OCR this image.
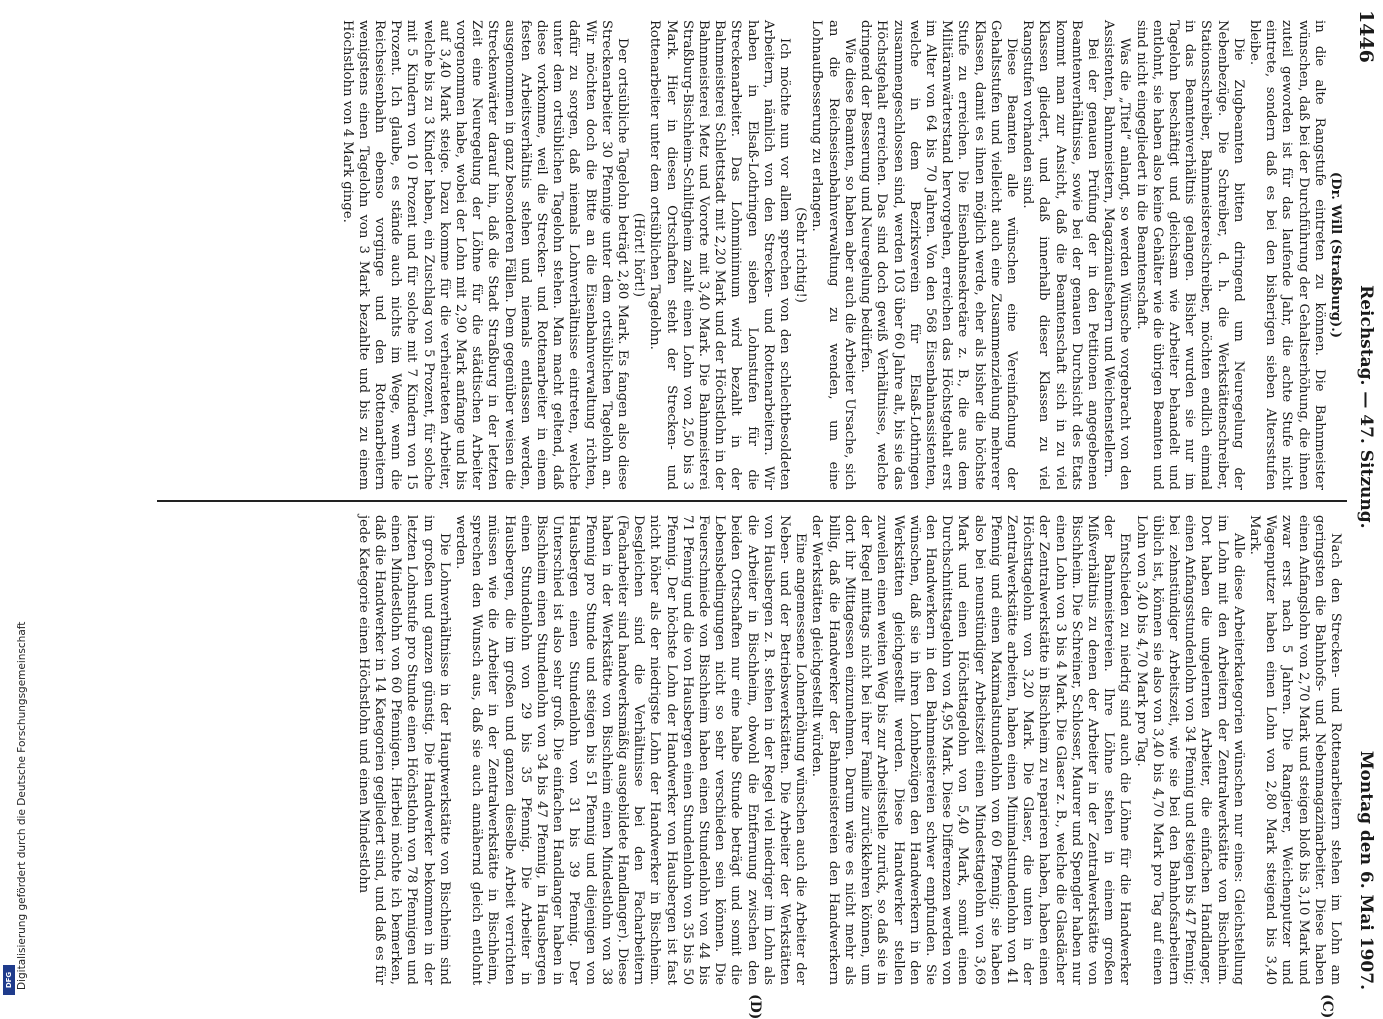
1446
Reichstag. — 47. Sitzung.
Montag den 6. Mai 1907.
(C)
(D)

(Dr. Will (Straßburg).)

in die alte Rangstufe eintreten zu können. Die Bahnmeister wünschen, daß bei der Durchführung der Gehaltserhöhung, die ihnen zuteil geworden ist für das laufende Jahr, die achte Stufe nicht eintrete, sondern daß es bei den bisherigen sieben Altersstufen bleibe.

Die Zugbeamten bitten dringend um Neuregelung der Nebenbezüge. Die Schreiber, d. h. die Werkstättenschreiber, Stationsschreiber, Bahnmeistereischreiber, möchten endlich einmal in das Beamtenverhältnis gelangen. Bisher wurden sie nur im Tagelohn beschäftigt und gleichsam wie Arbeiter behandelt und entlohnt, sie haben also keine Gehälter wie die übrigen Beamten und sind nicht eingegliedert in die Beamtenschaft.

Was die „Titel“ anlangt, so werden Wünsche vorgebracht von den Assistenten, Bahnmeistern, Magazinaufsehern und Weichenstellern.

Bei der genauen Prüfung der in den Petitionen angegebenen Beamtenverhältnisse, sowie bei der genauen Durchsicht des Etats kommt man zur Ansicht, daß die Beamtenschaft sich in zu viel Klassen gliedert, und daß innerhalb dieser Klassen zu viel Rangstufen vorhanden sind.

Diese Beamten alle wünschen eine Vereinfachung der Gehaltsstufen und vielleicht auch eine Zusammenziehung mehrerer Klassen, damit es ihnen möglich werde, eher als bisher die höchste Stufe zu erreichen. Die Eisenbahnsekretäre z. B., die aus dem Militäranwärterstand hervorgehen, erreichen das Höchstgehalt erst im Alter von 64 bis 70 Jahren. Von den 568 Eisenbahnassistenten, welche in dem Bezirksverein für Elsaß-Lothringen zusammengeschlossen sind, werden 103 über 60 Jahre alt, bis sie das Höchstgehalt erreichen. Das sind doch gewiß Verhältnisse, welche dringend der Besserung und Neuregelung bedürfen.

Wie diese Beamten, so haben aber auch die Arbeiter Ursache, sich an die Reichseisenbahnverwaltung zu wenden, um eine Lohnaufbesserung zu erlangen.

(Sehr richtig!)

Ich möchte nun vor allem sprechen von den schlechtbesoldeten Arbeitern, nämlich von den Strecken- und Rottenarbeitern. Wir haben in Elsaß-Lothringen sieben Lohnstufen für die Streckenarbeiter. Das Lohnminimum wird bezahlt in der Bahnmeisterei Schlettstadt mit 2,20 Mark und der Höchstlohn in der Bahnmeisterei Metz und Vororte mit 3,40 Mark. Die Bahnmeisterei Straßburg-Bischheim-Schiltigheim zahlt einen Lohn von 2,50 bis 3 Mark. Hier in diesen Ortschaften steht der Strecken- und Rottenarbeiter unter dem ortsüblichen Tagelohn.

(Hört! hört!)

Der ortsübliche Tagelohn beträgt 2,80 Mark. Es fangen also diese Streckenarbeiter 30 Pfennige unter dem ortsüblichen Tagelohn an. Wir möchten doch die Bitte an die Eisenbahnverwaltung richten, dafür zu sorgen, daß niemals Lohnverhältnisse eintreten, welche unter dem ortsüblichen Tagelohn stehen. Man macht geltend, daß diese vorkomme, weil die Strecken- und Rottenarbeiter in einem festen Arbeitsverhältnis stehen und niemals entlassen werden, ausgenommen in ganz besonderen Fällen. Dem gegenüber weisen die Streckenwärter darauf hin, daß die Stadt Straßburg in der letzten Zeit eine Neuregelung der Löhne für die städtischen Arbeiter vorgenommen habe, wobei der Lohn mit 2,90 Mark anfange und bis auf 3,40 Mark steige. Dazu komme für die verheirateten Arbeiter, welche bis zu 3 Kinder haben, ein Zuschlag von 5 Prozent, für solche mit 5 Kindern von 10 Prozent und für solche mit 7 Kindern von 15 Prozent. Ich glaube, es stände auch nichts im Wege, wenn die Reichseisenbahn ebenso vorginge und den Rottenarbeitern wenigstens einen Tagelohn von 3 Mark bezahlte und bis zu einem Höchstlohn von 4 Mark ginge.

Nach den Strecken- und Rottenarbeitern stehen im Lohn am geringsten die Bahnhofs- und Nebenmagazinarbeiter. Diese haben einen Anfangslohn von 2,70 Mark und steigen bloß bis 3,10 Mark und zwar erst nach 5 Jahren. Die Rangierer, Weichenputzer und Wagenputzer haben einen Lohn von 2,80 Mark steigend bis 3,40 Mark.

Alle diese Arbeiterkategorien wünschen nur eines: Gleichstellung im Lohn mit den Arbeitern der Zentralwerkstätte von Bischheim. Dort haben die ungelernten Arbeiter, die einfachen Handlanger, einen Anfangsstundenlohn von 34 Pfennig und steigen bis 47 Pfennig; bei zehnstündiger Arbeitszeit, wie sie bei den Bahnhofsarbeitern üblich ist, können sie also von 3,40 bis 4,70 Mark pro Tag auf einen Lohn von 3,40 bis 4,70 Mark pro Tag.

Entschieden zu niedrig sind auch die Löhne für die Handwerker der Bahnmeistereien. Ihre Löhne stehen in einem großen Mißverhältnis zu denen der Arbeiter in der Zentralwerkstätte von Bischheim. Die Schreiner, Schlosser, Maurer und Spengler haben nur einen Lohn von 3 bis 4 Mark. Die Glaser z. B., welche die Glasdächer der Zentralwerkstätte in Bischheim zu reparieren haben, haben einen Höchsttagelohn von 3,20 Mark. Die Glaser, die unten in der Zentralwerkstätte arbeiten, haben einen Minimalstundenlohn von 41 Pfennig und einen Maximalstundenlohn von 60 Pfennig; sie haben also bei neunstündiger Arbeitszeit einen Mindesttagelohn von 3,69 Mark und einen Höchsttagelohn von 5,40 Mark, somit einen Durchschnittstagelohn von 4,95 Mark. Diese Differenzen werden von den Handwerkern in den Bahnmeistereien schwer empfunden. Sie wünschen, daß sie in ihren Lohnbezügen den Handwerkern in den Werkstätten gleichgestellt werden. Diese Handwerker stellen zuweilen einen weiten Weg bis zur Arbeitsstelle zurück, so daß sie in der Regel mittags nicht bei ihrer Familie zurückkehren können, um dort ihr Mittagessen einzunehmen. Darum wäre es nicht mehr als billig, daß die Handwerker der Bahnmeistereien den Handwerkern der Werkstätten gleichgestellt würden.

Eine angemessene Lohnerhöhung wünschen auch die Arbeiter der Neben- und der Betriebswerkstätten. Die Arbeiter der Werkstätten von Hausbergen z. B. stehen in der Regel viel niedriger im Lohn als die Arbeiter in Bischheim, obwohl die Entfernung zwischen den beiden Ortschaften nur eine halbe Stunde beträgt und somit die Lebensbedingungen nicht so sehr verschieden sein können. Die Feuerschmiede von Bischheim haben einen Stundenlohn von 44 bis 71 Pfennig und die von Hausbergen einen Stundenlohn von 35 bis 50 Pfennig. Der höchste Lohn der Handwerker von Hausbergen ist fast nicht höher als der niedrigste Lohn der Handwerker in Bischheim. Desgleichen sind die Verhältnisse bei den Facharbeitern (Facharbeiter sind handwerksmäßig ausgebildete Handlanger). Diese haben in der Werkstätte von Bischheim einen Mindestlohn von 38 Pfennig pro Stunde und steigen bis 51 Pfennig und diejenigen von Hausbergen einen Stundenlohn von 31 bis 39 Pfennig. Der Unterschied ist also sehr groß. Die einfachen Handlanger haben in Bischheim einen Stundenlohn von 34 bis 47 Pfennig, in Hausbergen einen Stundenlohn von 29 bis 35 Pfennig. Die Arbeiter in Hausbergen, die im großen und ganzen dieselbe Arbeit verrichten müssen wie die Arbeiter in der Zentralwerkstätte in Bischheim, sprechen den Wunsch aus, daß sie auch annähernd gleich entlohnt werden.

Die Lohnverhältnisse in der Hauptwerkstätte von Bischheim sind im großen und ganzen günstig. Die Handwerker bekommen in der letzten Lohnstufe pro Stunde einen Höchstlohn von 78 Pfennigen und einen Mindestlohn von 60 Pfennigen. Hierbei möchte ich bemerken, daß die Handwerker in 14 Kategorien gegliedert sind, und daß es für jede Kategorie einen Höchstlohn und einen Mindestlohn

DFG Digitalisierung gefördert durch die Deutsche Forschungsgemeinschaft
